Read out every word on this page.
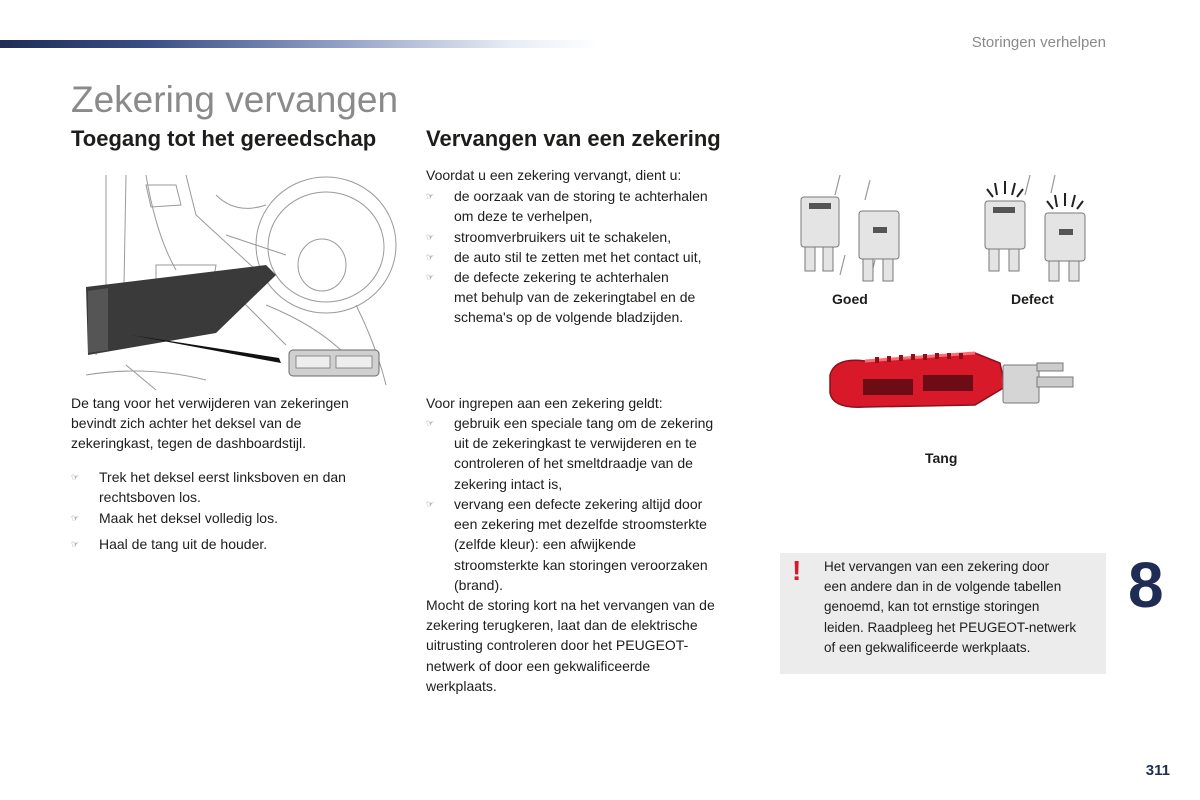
Storingen verhelpen
Zekering vervangen
Toegang tot het gereedschap Vervangen van een zekering
De tang voor het verwijderen van zekeringen
bevindt zich achter het deksel van de
zekeringkast, tegen de dashboardstijl.
☞	Trek het deksel eerst linksboven en dan
rechtsboven los.
☞	Maak het deksel volledig los.
☞	Haal de tang uit de houder.
Voordat u een zekering vervangt, dient u:
☞	de oorzaak van de storing te achterhalen
om deze te verhelpen,
☞	stroomverbruikers uit te schakelen,
☞	de auto stil te zetten met het contact uit,
☞	de defecte zekering te achterhalen
met behulp van de zekeringtabel en de
schema's op de volgende bladzijden.
Voor ingrepen aan een zekering geldt:
☞	gebruik een speciale tang om de zekering
uit de zekeringkast te verwijderen en te
controleren of het smeltdraadje van de
zekering intact is,
☞	vervang een defecte zekering altijd door
een zekering met dezelfde stroomsterkte
(zelfde kleur): een afwijkende
stroomsterkte kan storingen veroorzaken
(brand).
Mocht de storing kort na het vervangen van de
zekering terugkeren, laat dan de elektrische
uitrusting controleren door het PEUGEOT-
netwerk of door een gekwalificeerde
werkplaats.
Goed	Defect
Tang
! Het vervangen van een zekering door
een andere dan in de volgende tabellen
genoemd, kan tot ernstige storingen
leiden. Raadpleeg het PEUGEOT-netwerk
of een gekwalificeerde werkplaats.
8
311
